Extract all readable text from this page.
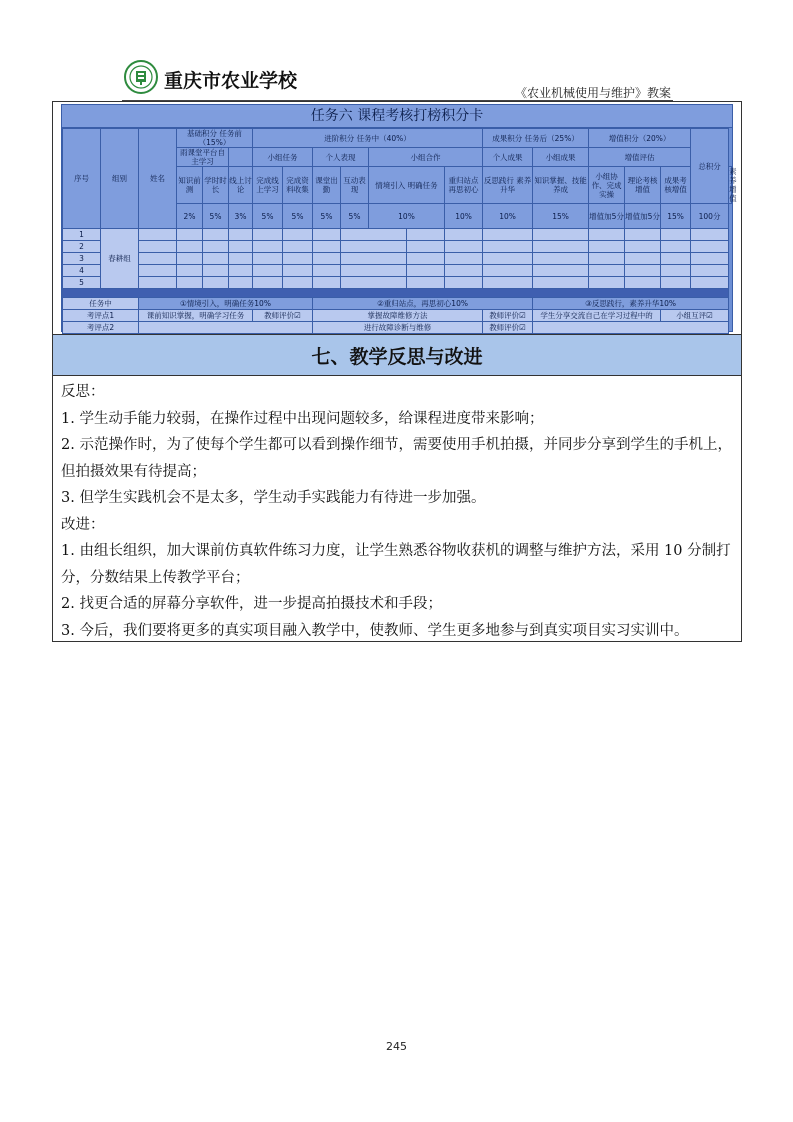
重庆市农业学校
《农业机械使用与维护》教案
任务六 课程考核打榜积分卡
序号	组别	姓名	基础积分 任务前（15%）			进阶积分 任务中（40%）							成果积分 任务后（25%）		增值积分（20%）			总积分	
			雨课堂平台自主学习			小组任务		个人表现		小组合作			个人成果	小组成果	增值评估				
			知识前测	学时时长	线上讨论	完成线上学习	完成资料收集	课堂出勤	互动表现	情境引入 明确任务		重归站点 再思初心	反思践行 素养升华	知识掌握、技能养成	小组协作、完成实操	理论考核增值	成果考核增值		素养增值
			2%	5%	3%	5%	5%	5%	5%	10%		10%	10%	15%	增值加5分	增值加5分	15%	100分	
1	春耕组																		
2																			
3																			
4																			
5																			

任务中		①情境引入，明确任务10%						②重归站点，再思初心10%						③反思践行，素养升华10%					
考评点1		课前知识掌握，明确学习任务				教师评价☑		掌握故障维修方法					教师评价☑	学生分享交流自己在学习过程中的			小组互评☑		
考评点2								进行故障诊断与维修					教师评价☑						

七、教学反思与改进

反思：

1. 学生动手能力较弱，在操作过程中出现问题较多，给课程进度带来影响；

2. 示范操作时，为了使每个学生都可以看到操作细节，需要使用手机拍摄，并同步分享到学生的手机上，但拍摄效果有待提高；

3. 但学生实践机会不是太多，学生动手实践能力有待进一步加强。

改进：

1. 由组长组织，加大课前仿真软件练习力度，让学生熟悉谷物收获机的调整与维护方法，采用 10 分制打分，分数结果上传教学平台；

2. 找更合适的屏幕分享软件，进一步提高拍摄技术和手段；

3. 今后，我们要将更多的真实项目融入教学中，使教师、学生更多地参与到真实项目实习实训中。

245
